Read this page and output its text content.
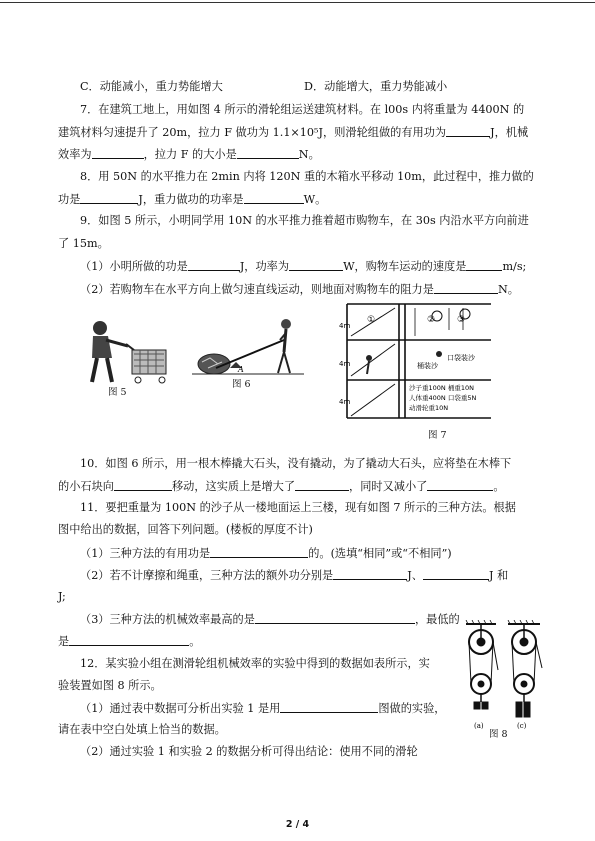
C．动能减小，重力势能增大	D．动能增大，重力势能减小
7．在建筑工地上，用如图 4 所示的滑轮组运送建筑材料。在 l00s 内将重量为 4400N 的
建筑材料匀速提升了 20m，拉力 F 做功为 1.1×10⁵J，则滑轮组做的有用功为	J，机械
效率为	，拉力 F 的大小是	N。
8．用 50N 的水平推力在 2min 内将 120N 重的木箱水平移动 10m，此过程中，推力做的
功是	J，重力做功的功率是	W。
9．如图 5 所示，小明同学用 10N 的水平推力推着超市购物车，在 30s 内沿水平方向前进
了 15m。
（1）小明所做的功是	J，功率为	W，购物车运动的速度是	m/s;
（2）若购物车在水平方向上做匀速直线运动，则地面对购物车的阻力是	N。
图 5
A
图 6
4m
4m
4m
①	② ③
桶装沙
口袋装沙
沙子重100N 桶重10N
人体重400N 口袋重5N
动滑轮重10N
图 7
10．如图 6 所示，用一根木棒撬大石头，没有撬动，为了撬动大石头，应将垫在木棒下
的小石块向	移动，这实质上是增大了	，同时又减小了	。
11．要把重量为 100N 的沙子从一楼地面运上三楼，现有如图 7 所示的三种方法。根据
图中给出的数据，回答下列问题。(楼板的厚度不计)
（1）三种方法的有用功是	的。(选填“相同”或“不相同”)
（2）若不计摩擦和绳重，三种方法的额外功分别是	J、	J 和
J;
（3）三种方法的机械效率最高的是	，最低的
是	。
(a)	(c)
图 8
12．某实验小组在测滑轮组机械效率的实验中得到的数据如表所示，实
验装置如图 8 所示。
（1）通过表中数据可分析出实验 1 是用	图做的实验，
请在表中空白处填上恰当的数据。
（2）通过实验 1 和实验 2 的数据分析可得出结论：使用不同的滑轮
2 / 4
